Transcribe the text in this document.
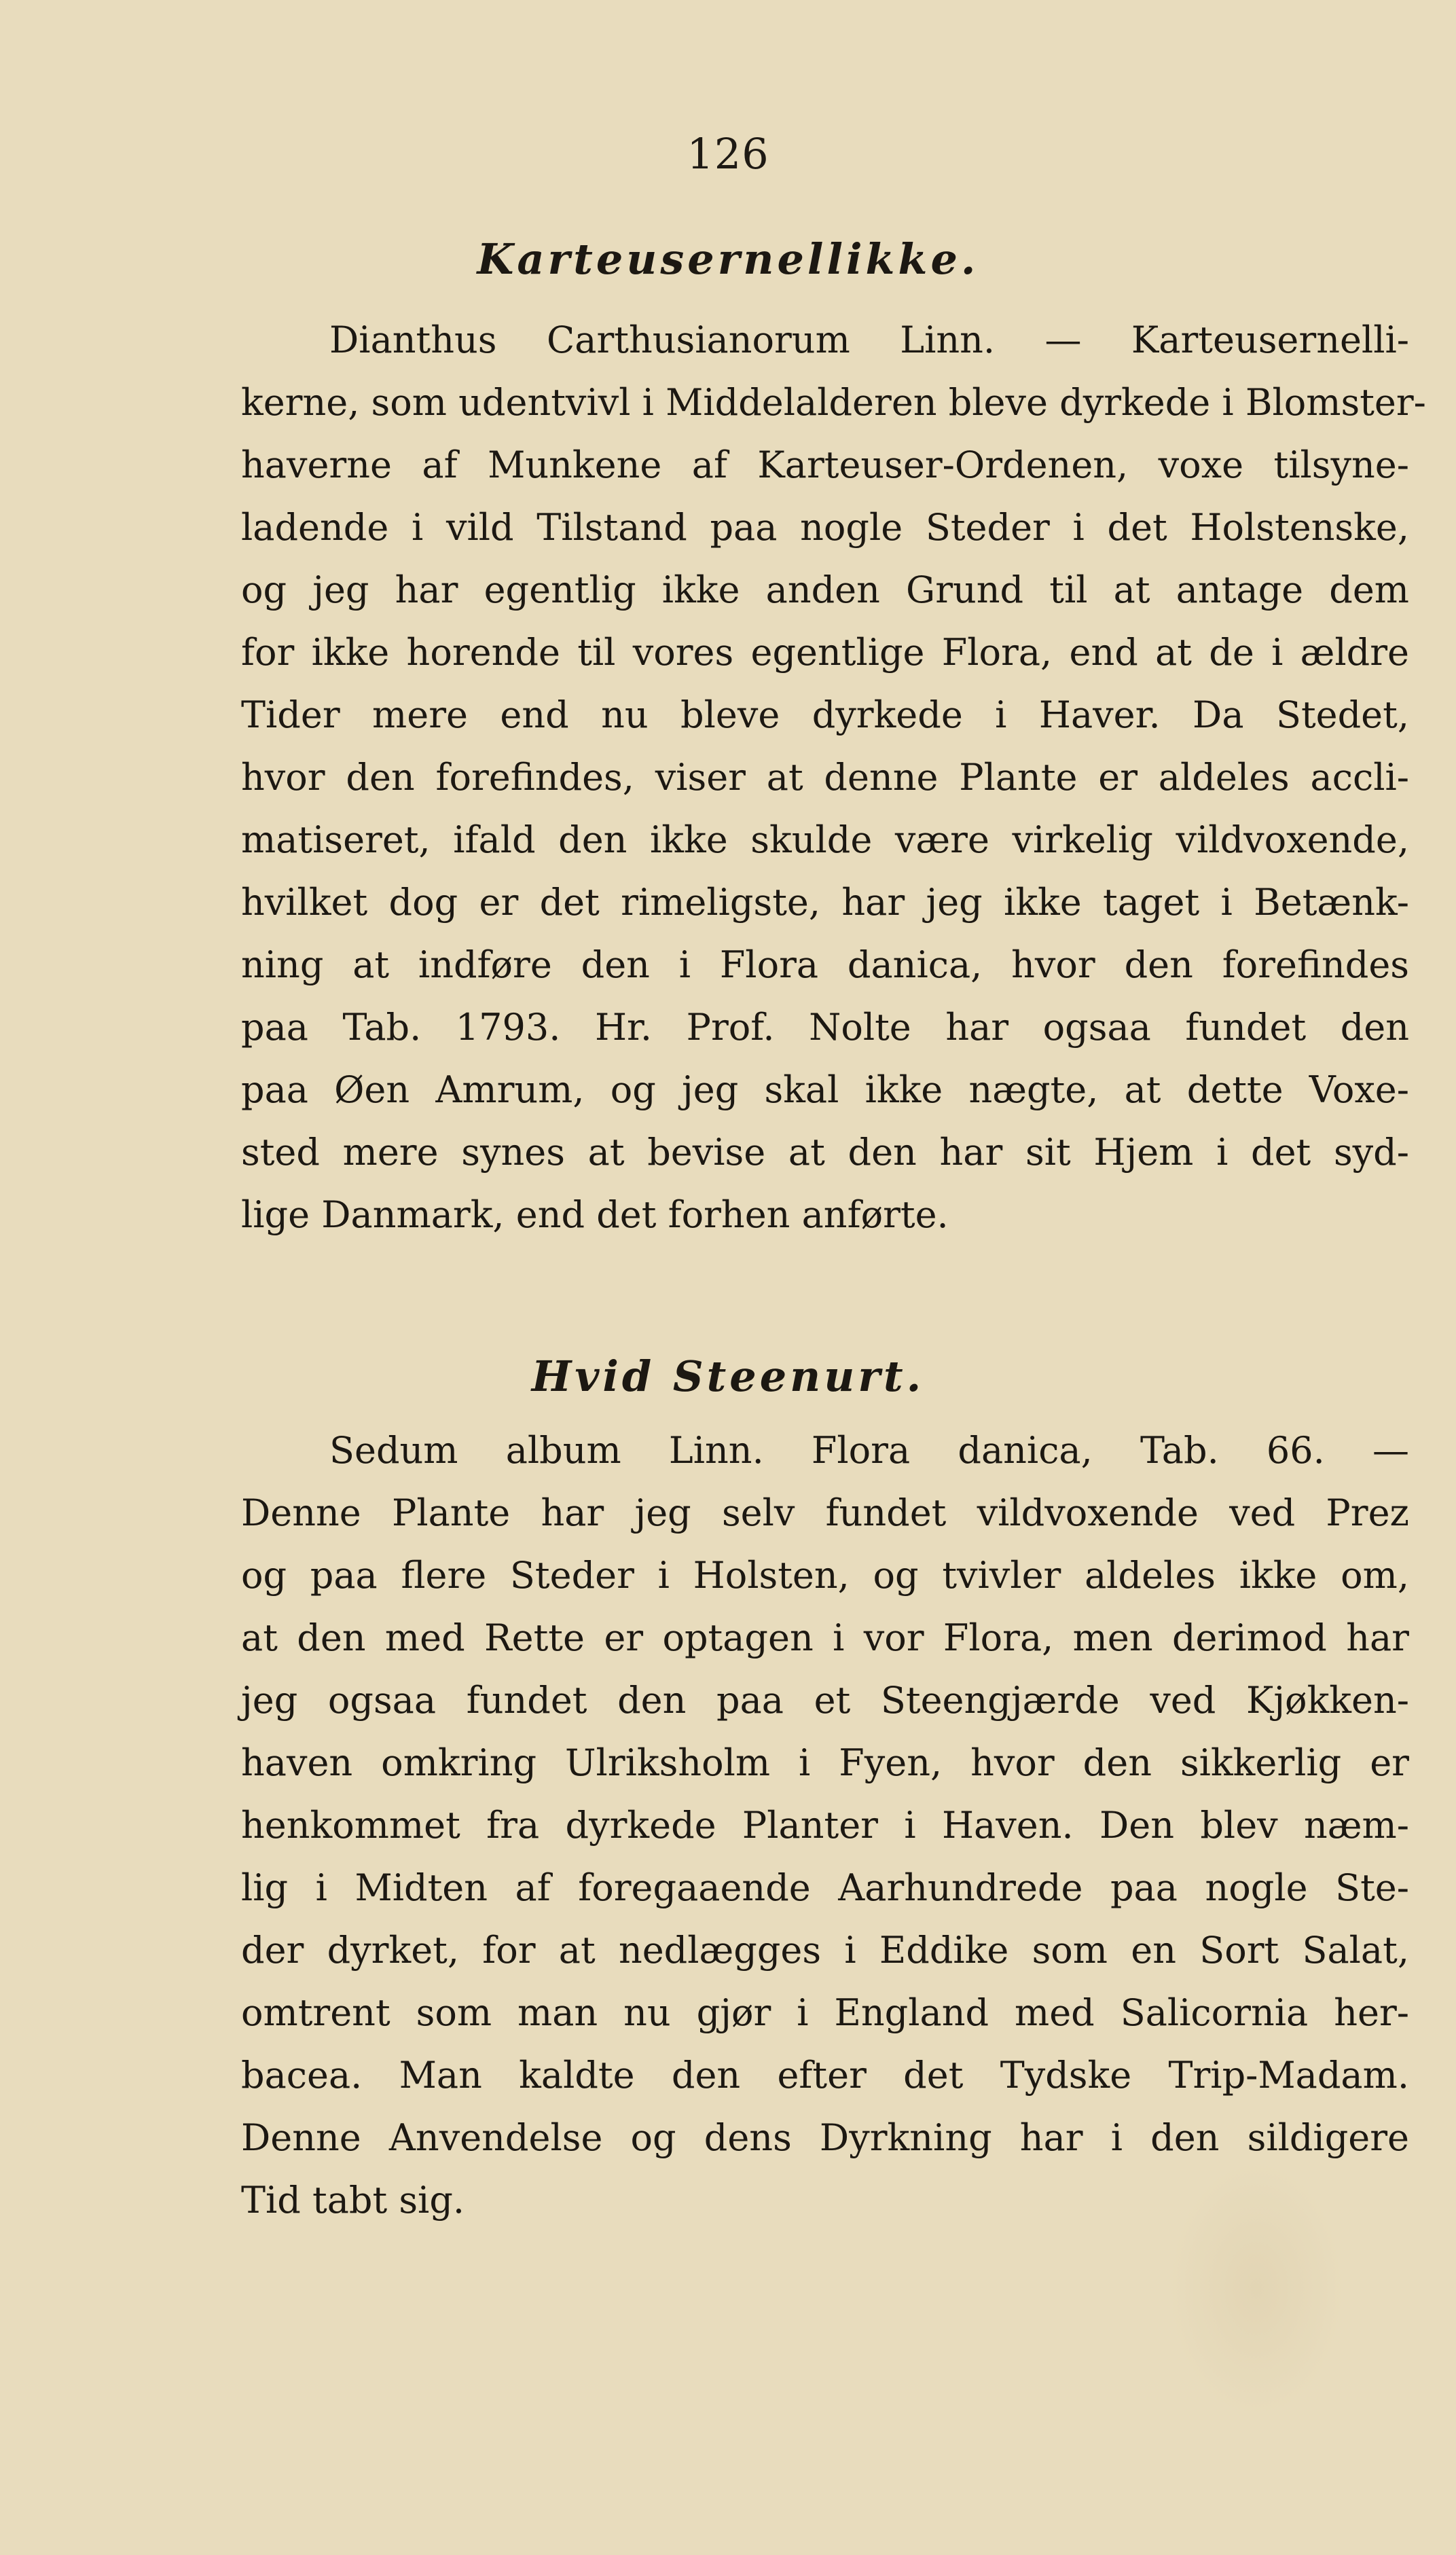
126
Karteusernellikke.
Dianthus Carthusianorum Linn. — Karteusernelli-
kerne, som udentvivl i Middelalderen bleve dyrkede i Blomster-
haverne af Munkene af Karteuser-Ordenen, voxe tilsyne-
ladende i vild Tilstand paa nogle Steder i det Holstenske,
og jeg har egentlig ikke anden Grund til at antage dem
for ikke horende til vores egentlige Flora, end at de i ældre
Tider mere end nu bleve dyrkede i Haver. Da Stedet,
hvor den forefindes, viser at denne Plante er aldeles accli-
matiseret, ifald den ikke skulde være virkelig vildvoxende,
hvilket dog er det rimeligste, har jeg ikke taget i Betænk-
ning at indføre den i Flora danica, hvor den forefindes
paa Tab. 1793. Hr. Prof. Nolte har ogsaa fundet den
paa Øen Amrum, og jeg skal ikke nægte, at dette Voxe-
sted mere synes at bevise at den har sit Hjem i det syd-
lige Danmark, end det forhen anførte.
Hvid Steenurt.
Sedum album Linn. Flora danica, Tab. 66. —
Denne Plante har jeg selv fundet vildvoxende ved Prez
og paa flere Steder i Holsten, og tvivler aldeles ikke om,
at den med Rette er optagen i vor Flora, men derimod har
jeg ogsaa fundet den paa et Steengjærde ved Kjøkken-
haven omkring Ulriksholm i Fyen, hvor den sikkerlig er
henkommet fra dyrkede Planter i Haven. Den blev næm-
lig i Midten af foregaaende Aarhundrede paa nogle Ste-
der dyrket, for at nedlægges i Eddike som en Sort Salat,
omtrent som man nu gjør i England med Salicornia her-
bacea. Man kaldte den efter det Tydske Trip-Madam.
Denne Anvendelse og dens Dyrkning har i den sildigere
Tid tabt sig.
